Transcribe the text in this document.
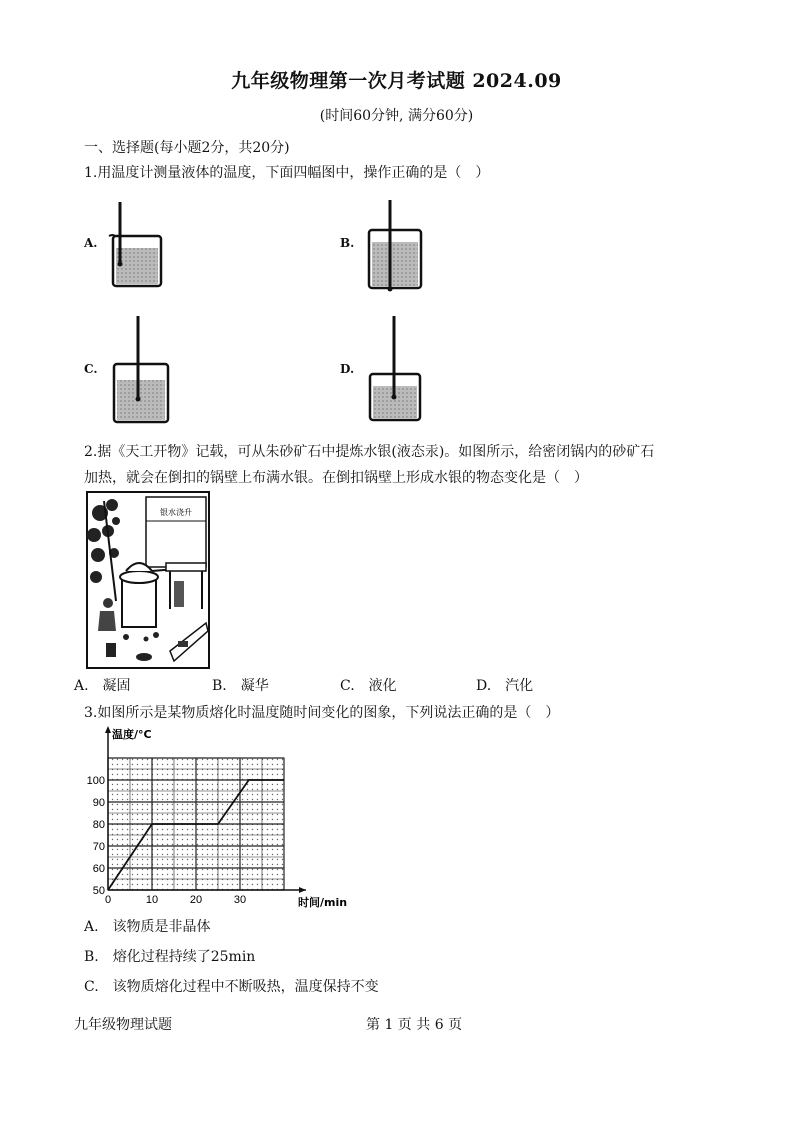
九年级物理第一次月考试题 2024.09
(时间60分钟, 满分60分)
一、选择题(每小题2分，共20分)
1.用温度计测量液体的温度，下面四幅图中，操作正确的是（　）
A.	B.
C.	D.
2.据《天工开物》记载，可从朱砂矿石中提炼水银(液态汞)。如图所示，给密闭锅内的砂矿石
加热，就会在倒扣的锅壁上布满水银。在倒扣锅壁上形成水银的物态变化是（　）
银水浇升
A.　凝固	B.　凝华	C.　液化	D.　汽化
3.如图所示是某物质熔化时温度随时间变化的图象，下列说法正确的是（　）
0	10	20	30
50
60
70
80
90
100
温度/°C
时间/min
A.　该物质是非晶体
B.　熔化过程持续了25min
C.　该物质熔化过程中不断吸热，温度保持不变
九年级物理试题	第 1 页 共 6 页
